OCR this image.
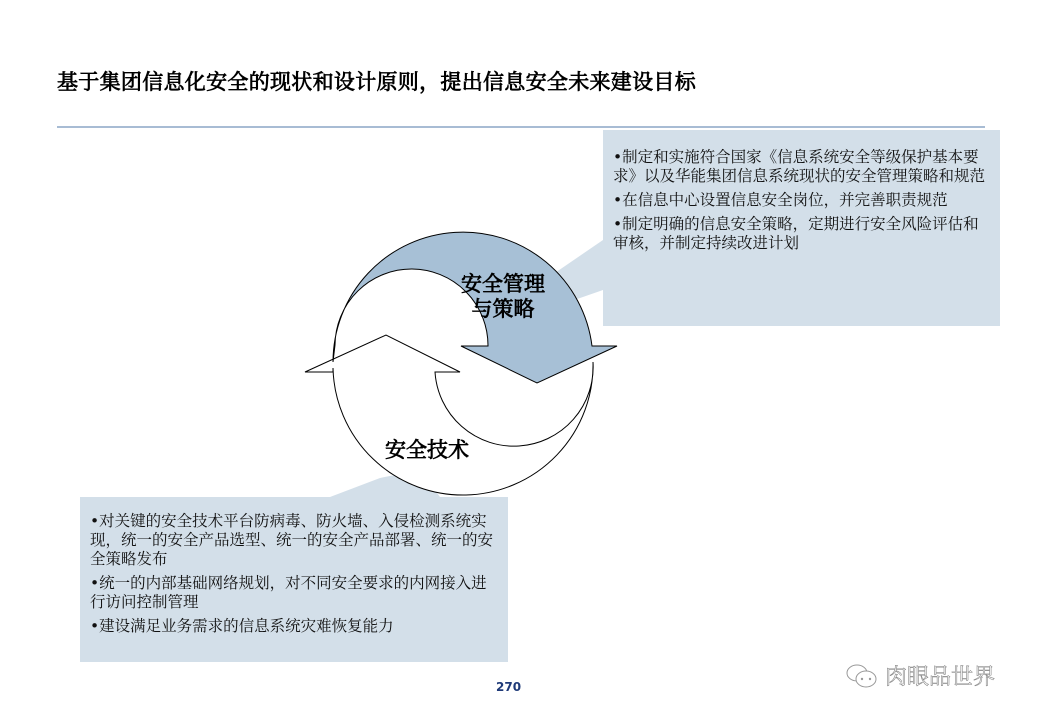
基于集团信息化安全的现状和设计原则，提出信息安全未来建设目标
安全管理
与策略
安全技术

•制定和实施符合国家《信息系统安全等级保护基本要求》以及华能集团信息系统现状的安全管理策略和规范

•在信息中心设置信息安全岗位，并完善职责规范

•制定明确的信息安全策略，定期进行安全风险评估和审核，并制定持续改进计划

•对关键的安全技术平台防病毒、防火墙、入侵检测系统实现，统一的安全产品选型、统一的安全产品部署、统一的安全策略发布

•统一的内部基础网络规划，对不同安全要求的内网接入进行访问控制管理

•建设满足业务需求的信息系统灾难恢复能力

270	肉眼品世界
